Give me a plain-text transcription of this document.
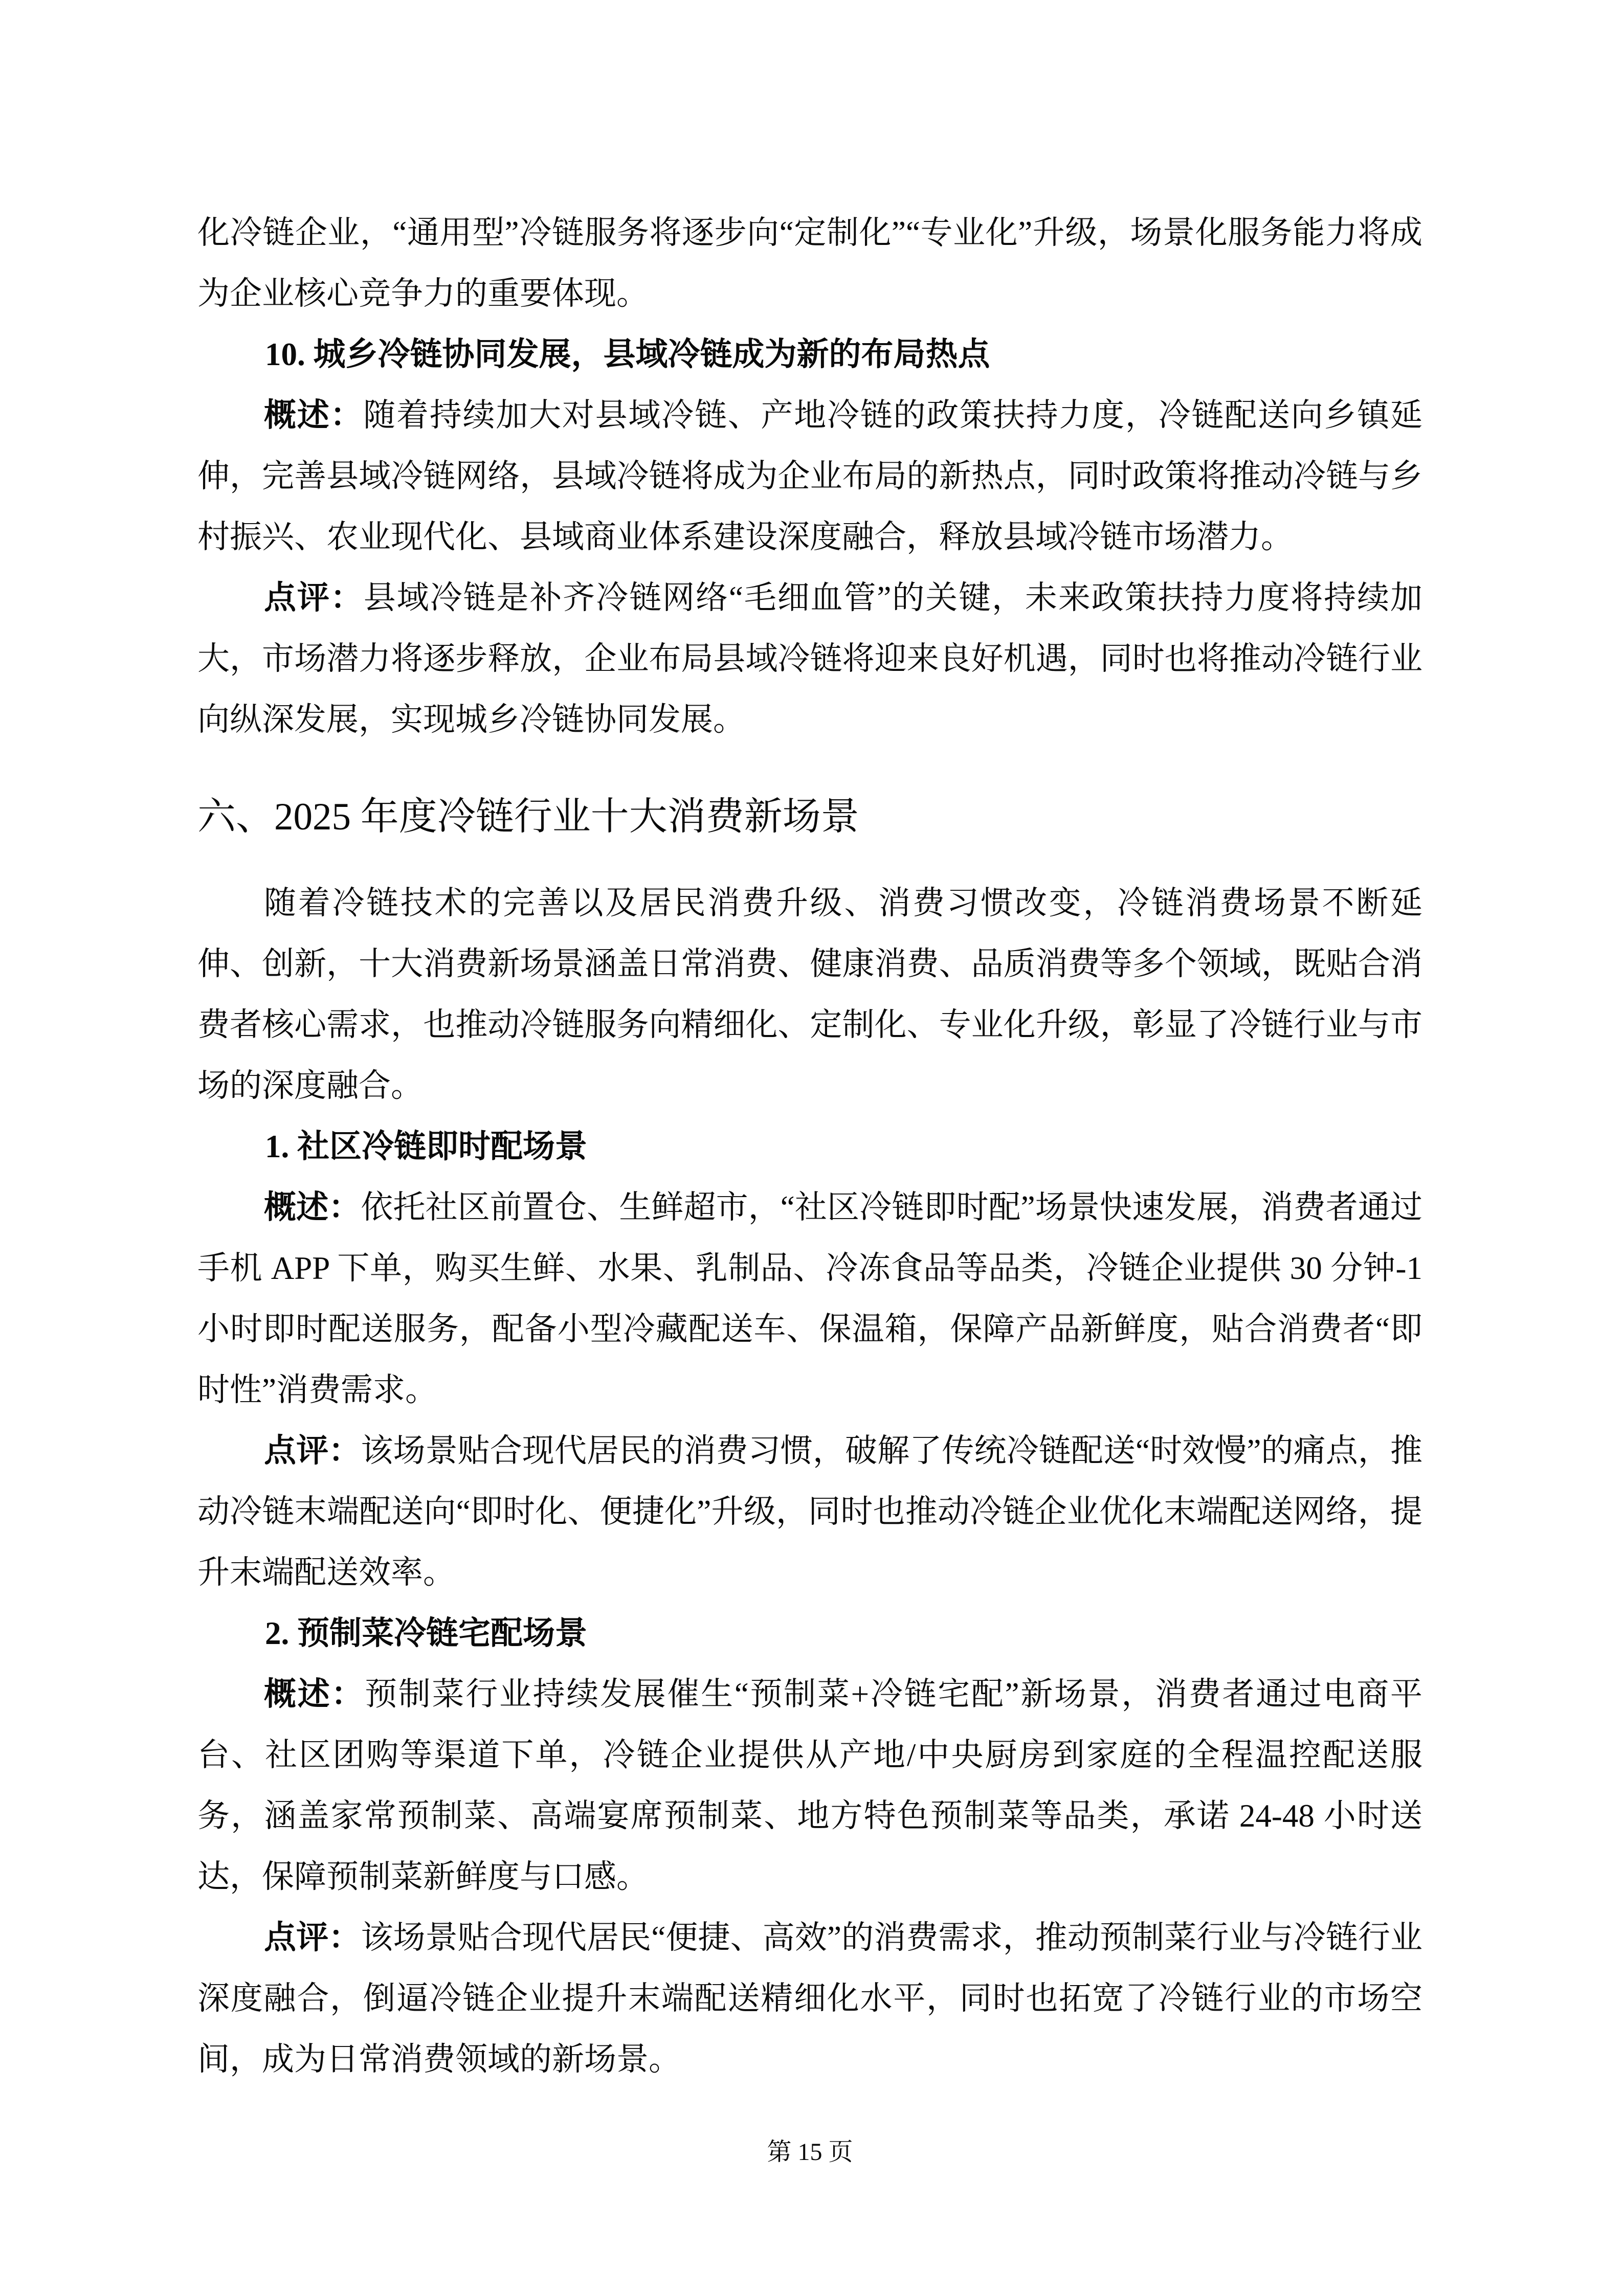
化冷链企业，“通用型”冷链服务将逐步向“定制化”“专业化”升级，场景化服务能力将成为企业核心竞争力的重要体现。

10. 城乡冷链协同发展，县域冷链成为新的布局热点

概述：随着持续加大对县域冷链、产地冷链的政策扶持力度，冷链配送向乡镇延伸，完善县域冷链网络，县域冷链将成为企业布局的新热点，同时政策将推动冷链与乡村振兴、农业现代化、县域商业体系建设深度融合，释放县域冷链市场潜力。

点评：县域冷链是补齐冷链网络“毛细血管”的关键，未来政策扶持力度将持续加大，市场潜力将逐步释放，企业布局县域冷链将迎来良好机遇，同时也将推动冷链行业向纵深发展，实现城乡冷链协同发展。

六、2025 年度冷链行业十大消费新场景

随着冷链技术的完善以及居民消费升级、消费习惯改变，冷链消费场景不断延伸、创新，十大消费新场景涵盖日常消费、健康消费、品质消费等多个领域，既贴合消费者核心需求，也推动冷链服务向精细化、定制化、专业化升级，彰显了冷链行业与市场的深度融合。

1. 社区冷链即时配场景

概述：依托社区前置仓、生鲜超市，“社区冷链即时配”场景快速发展，消费者通过手机 APP 下单，购买生鲜、水果、乳制品、冷冻食品等品类，冷链企业提供 30 分钟-1 小时即时配送服务，配备小型冷藏配送车、保温箱，保障产品新鲜度，贴合消费者“即时性”消费需求。

点评：该场景贴合现代居民的消费习惯，破解了传统冷链配送“时效慢”的痛点，推动冷链末端配送向“即时化、便捷化”升级，同时也推动冷链企业优化末端配送网络，提升末端配送效率。

2. 预制菜冷链宅配场景

概述：预制菜行业持续发展催生“预制菜+冷链宅配”新场景，消费者通过电商平台、社区团购等渠道下单，冷链企业提供从产地/中央厨房到家庭的全程温控配送服务，涵盖家常预制菜、高端宴席预制菜、地方特色预制菜等品类，承诺 24-48 小时送达，保障预制菜新鲜度与口感。

点评：该场景贴合现代居民“便捷、高效”的消费需求，推动预制菜行业与冷链行业深度融合，倒逼冷链企业提升末端配送精细化水平，同时也拓宽了冷链行业的市场空间，成为日常消费领域的新场景。

第 15 页
